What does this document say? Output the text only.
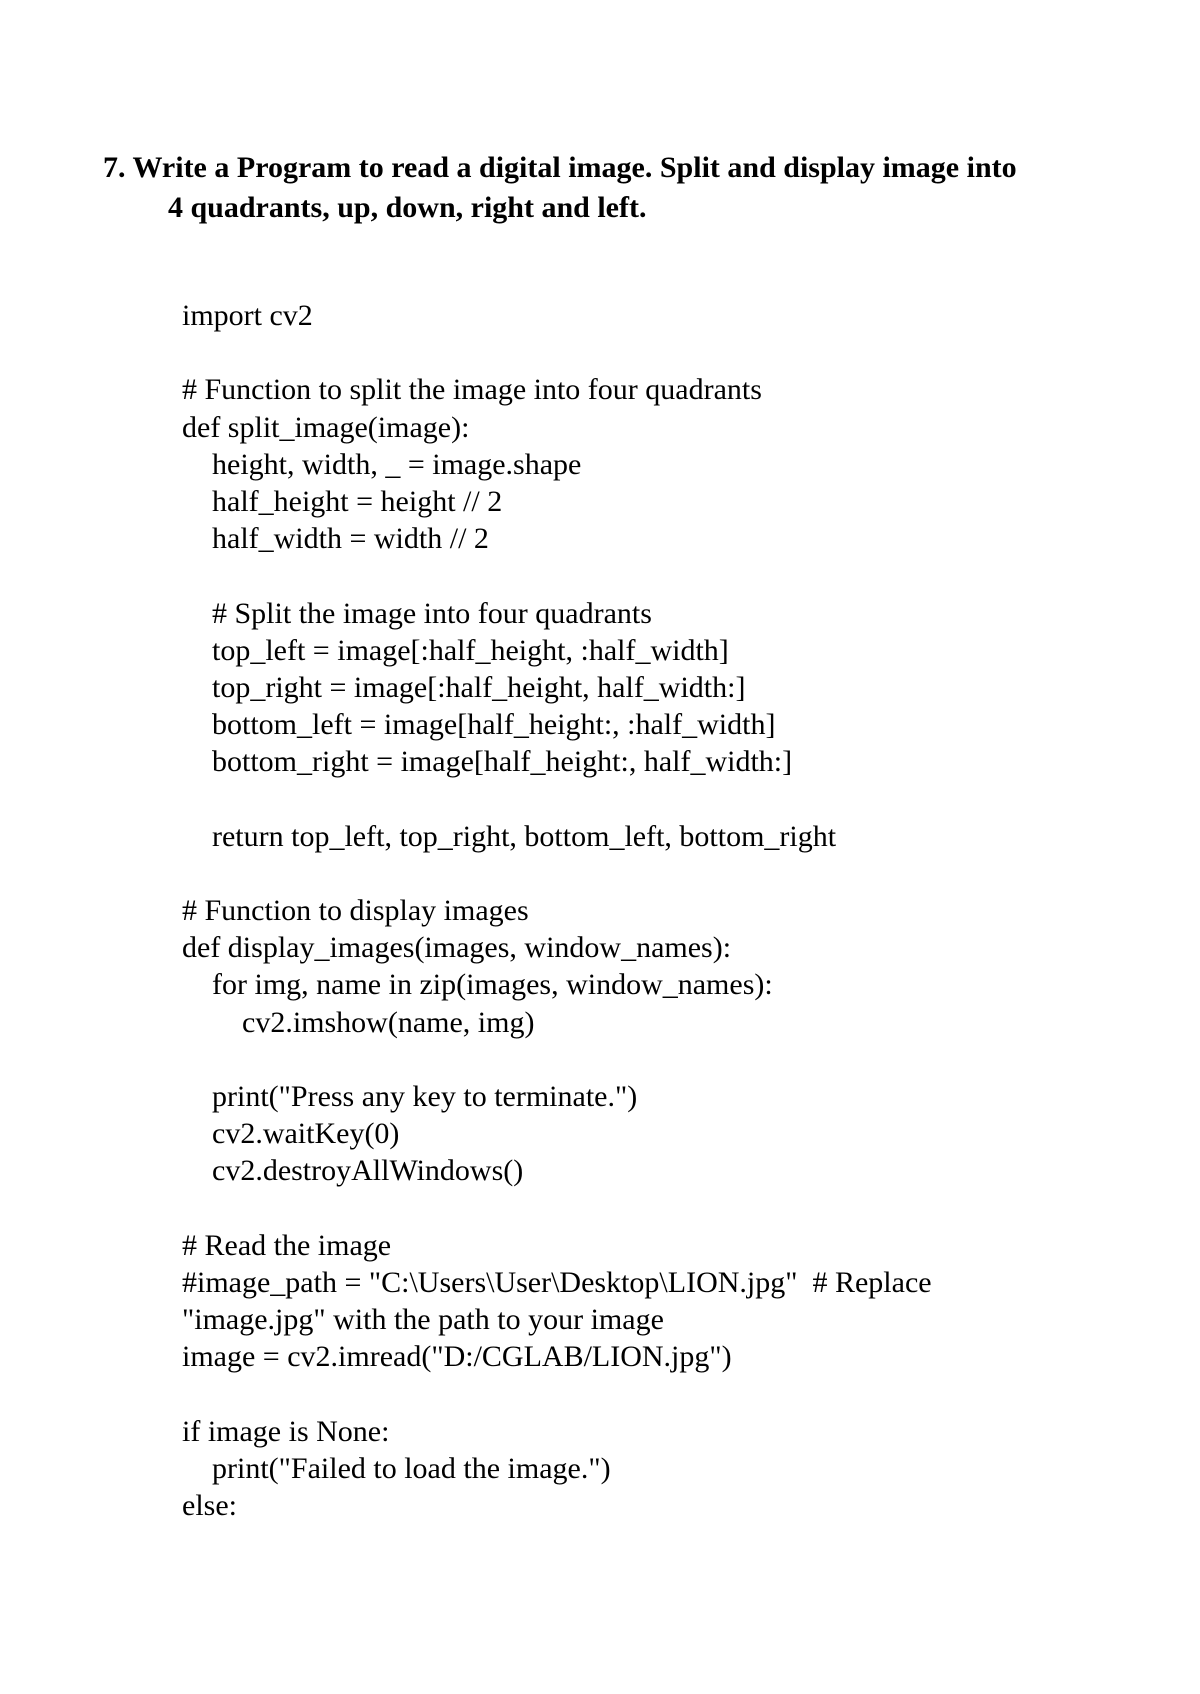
7. Write a Program to read a digital image. Split and display image into
4 quadrants, up, down, right and left.
import cv2
# Function to split the image into four quadrants
def split_image(image):
height, width, _ = image.shape
half_height = height // 2
half_width = width // 2
# Split the image into four quadrants
top_left = image[:half_height, :half_width]
top_right = image[:half_height, half_width:]
bottom_left = image[half_height:, :half_width]
bottom_right = image[half_height:, half_width:]
return top_left, top_right, bottom_left, bottom_right
# Function to display images
def display_images(images, window_names):
for img, name in zip(images, window_names):
cv2.imshow(name, img)
print("Press any key to terminate.")
cv2.waitKey(0)
cv2.destroyAllWindows()
# Read the image
#image_path = "C:\Users\User\Desktop\LION.jpg"  # Replace
"image.jpg" with the path to your image
image = cv2.imread("D:/CGLAB/LION.jpg")
if image is None:
print("Failed to load the image.")
else:
